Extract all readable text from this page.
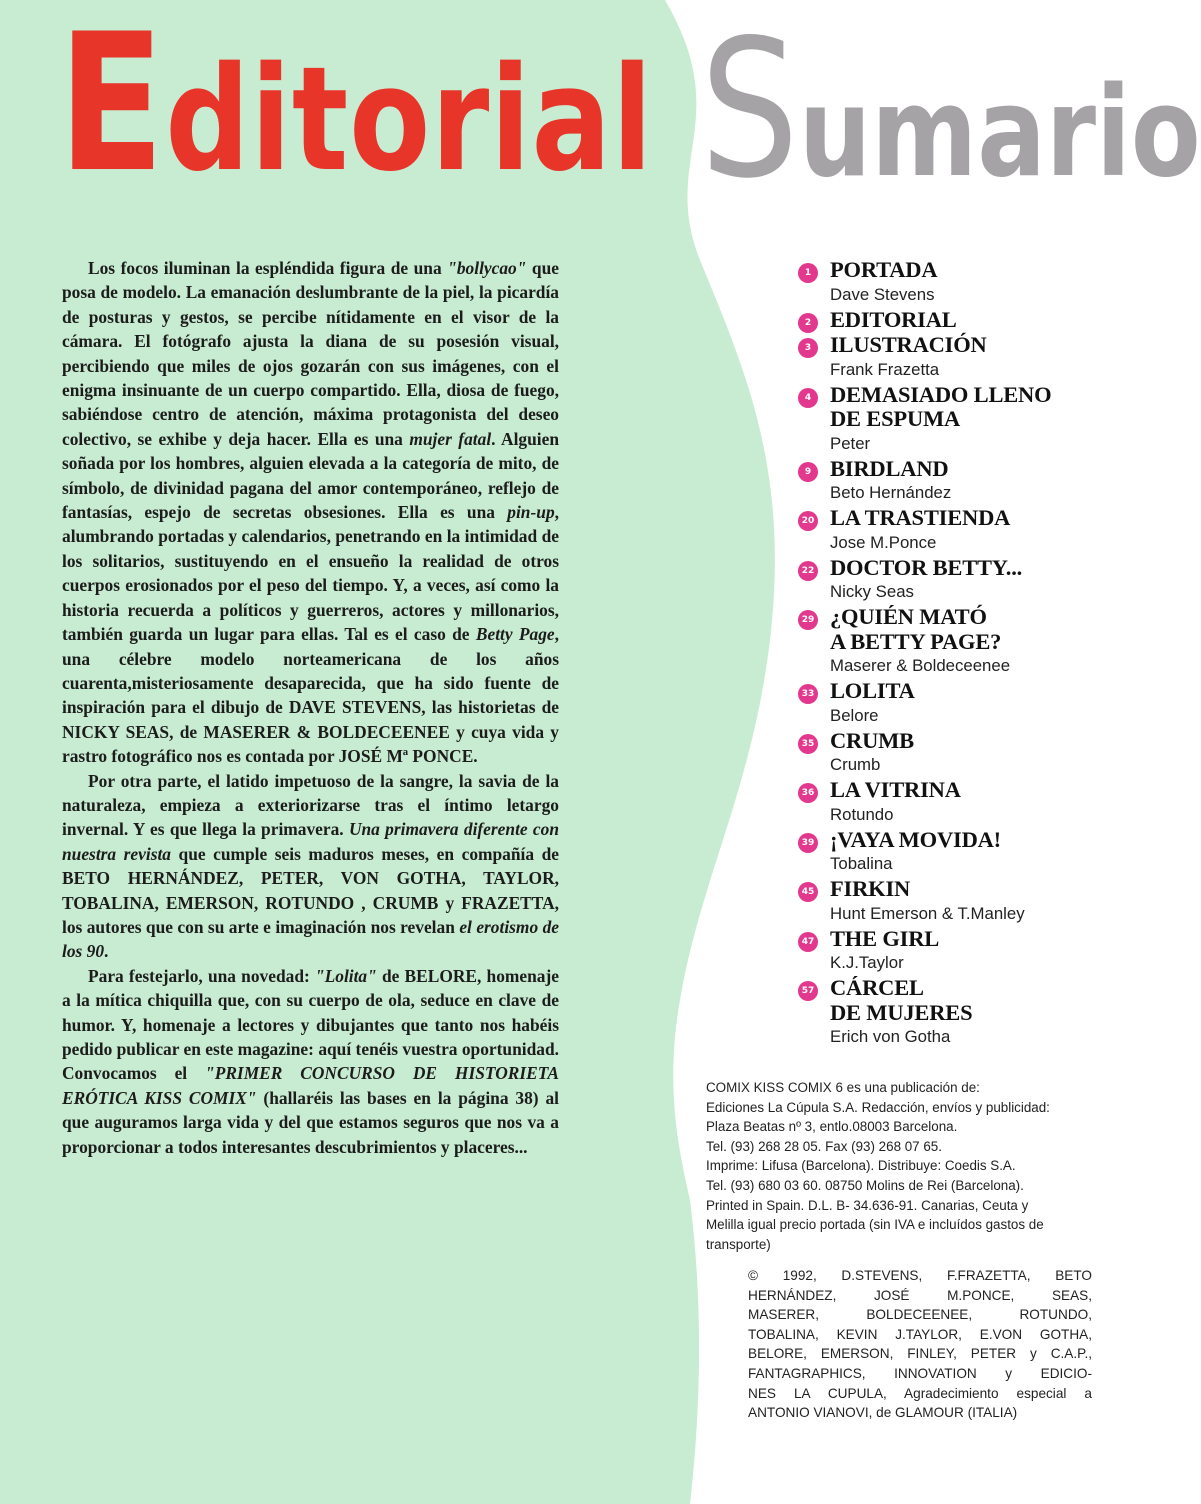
Editorial Sumario

Los focos iluminan la espléndida figura de una "bollycao" que posa de modelo. La emanación deslumbrante de la piel, la picardía de posturas y gestos, se percibe nítidamente en el visor de la cámara. El fotógrafo ajusta la diana de su posesión visual, percibiendo que miles de ojos gozarán con sus imágenes, con el enigma insinuante de un cuerpo compartido. Ella, diosa de fuego, sabiéndose centro de atención, máxima protagonista del deseo colectivo, se exhibe y deja hacer. Ella es una mujer fatal. Alguien soñada por los hombres, alguien elevada a la categoría de mito, de símbolo, de divinidad pagana del amor contemporáneo, reflejo de fantasías, espejo de secretas obsesiones. Ella es una pin-up, alumbrando portadas y calendarios, penetrando en la intimidad de los solitarios, sustituyendo en el ensueño la realidad de otros cuerpos erosionados por el peso del tiempo. Y, a veces, así como la historia recuerda a políticos y guerreros, actores y millonarios, también guarda un lugar para ellas. Tal es el caso de Betty Page, una célebre modelo norteamericana de los años cuarenta,misteriosamente desaparecida, que ha sido fuente de inspiración para el dibujo de DAVE STEVENS, las historietas de NICKY SEAS, de MASERER & BOLDECEENEE y cuya vida y rastro fotográfico nos es contada por JOSÉ Mª PONCE.

Por otra parte, el latido impetuoso de la sangre, la savia de la naturaleza, empieza a exteriorizarse tras el íntimo letargo invernal. Y es que llega la primavera. Una primavera diferente con nuestra revista que cumple seis maduros meses, en compañía de BETO HERNÁNDEZ, PETER, VON GOTHA, TAYLOR, TOBALINA, EMERSON, ROTUNDO , CRUMB y FRAZETTA, los autores que con su arte e imaginación nos revelan el erotismo de los 90.

Para festejarlo, una novedad: "Lolita" de BELORE, homenaje a la mítica chiquilla que, con su cuerpo de ola, seduce en clave de humor. Y, homenaje a lectores y dibujantes que tanto nos habéis pedido publicar en este magazine: aquí tenéis vuestra oportunidad. Convocamos el "PRIMER CONCURSO DE HISTORIETA ERÓTICA KISS COMIX" (hallaréis las bases en la página 38) al que auguramos larga vida y del que estamos seguros que nos va a proporcionar a todos interesantes descubrimientos y placeres...

1 PORTADA
Dave Stevens
2 EDITORIAL
3 ILUSTRACIÓN
Frank Frazetta
4 DEMASIADO LLENO
DE ESPUMA
Peter
9 BIRDLAND
Beto Hernández
20 LA TRASTIENDA
Jose M.Ponce
22 DOCTOR BETTY...
Nicky Seas
29 ¿QUIÉN MATÓ
A BETTY PAGE?
Maserer & Boldeceenee
33 LOLITA
Belore
35 CRUMB
Crumb
36 LA VITRINA
Rotundo
39 ¡VAYA MOVIDA!
Tobalina
45 FIRKIN
Hunt Emerson & T.Manley
47 THE GIRL
K.J.Taylor
57 CÁRCEL
DE MUJERES
Erich von Gotha
COMIX KISS COMIX 6 es una publicación de:
Ediciones La Cúpula S.A. Redacción, envíos y publicidad:
Plaza Beatas nº 3, entlo.08003 Barcelona.
Tel. (93) 268 28 05. Fax (93) 268 07 65.
Imprime: Lifusa (Barcelona). Distribuye: Coedis S.A.
Tel. (93) 680 03 60. 08750 Molins de Rei (Barcelona).
Printed in Spain. D.L. B- 34.636-91. Canarias, Ceuta y
Melilla igual precio portada (sin IVA e incluídos gastos de
transporte)
© 1992, D.STEVENS, F.FRAZETTA, BETO
HERNÁNDEZ, JOSÉ M.PONCE, SEAS,
MASERER, BOLDECEENEE, ROTUNDO,
TOBALINA, KEVIN J.TAYLOR, E.VON GOTHA,
BELORE, EMERSON, FINLEY, PETER y C.A.P.,
FANTAGRAPHICS, INNOVATION y EDICIO-
NES LA CUPULA, Agradecimiento especial a
ANTONIO VIANOVI, de GLAMOUR (ITALIA)
